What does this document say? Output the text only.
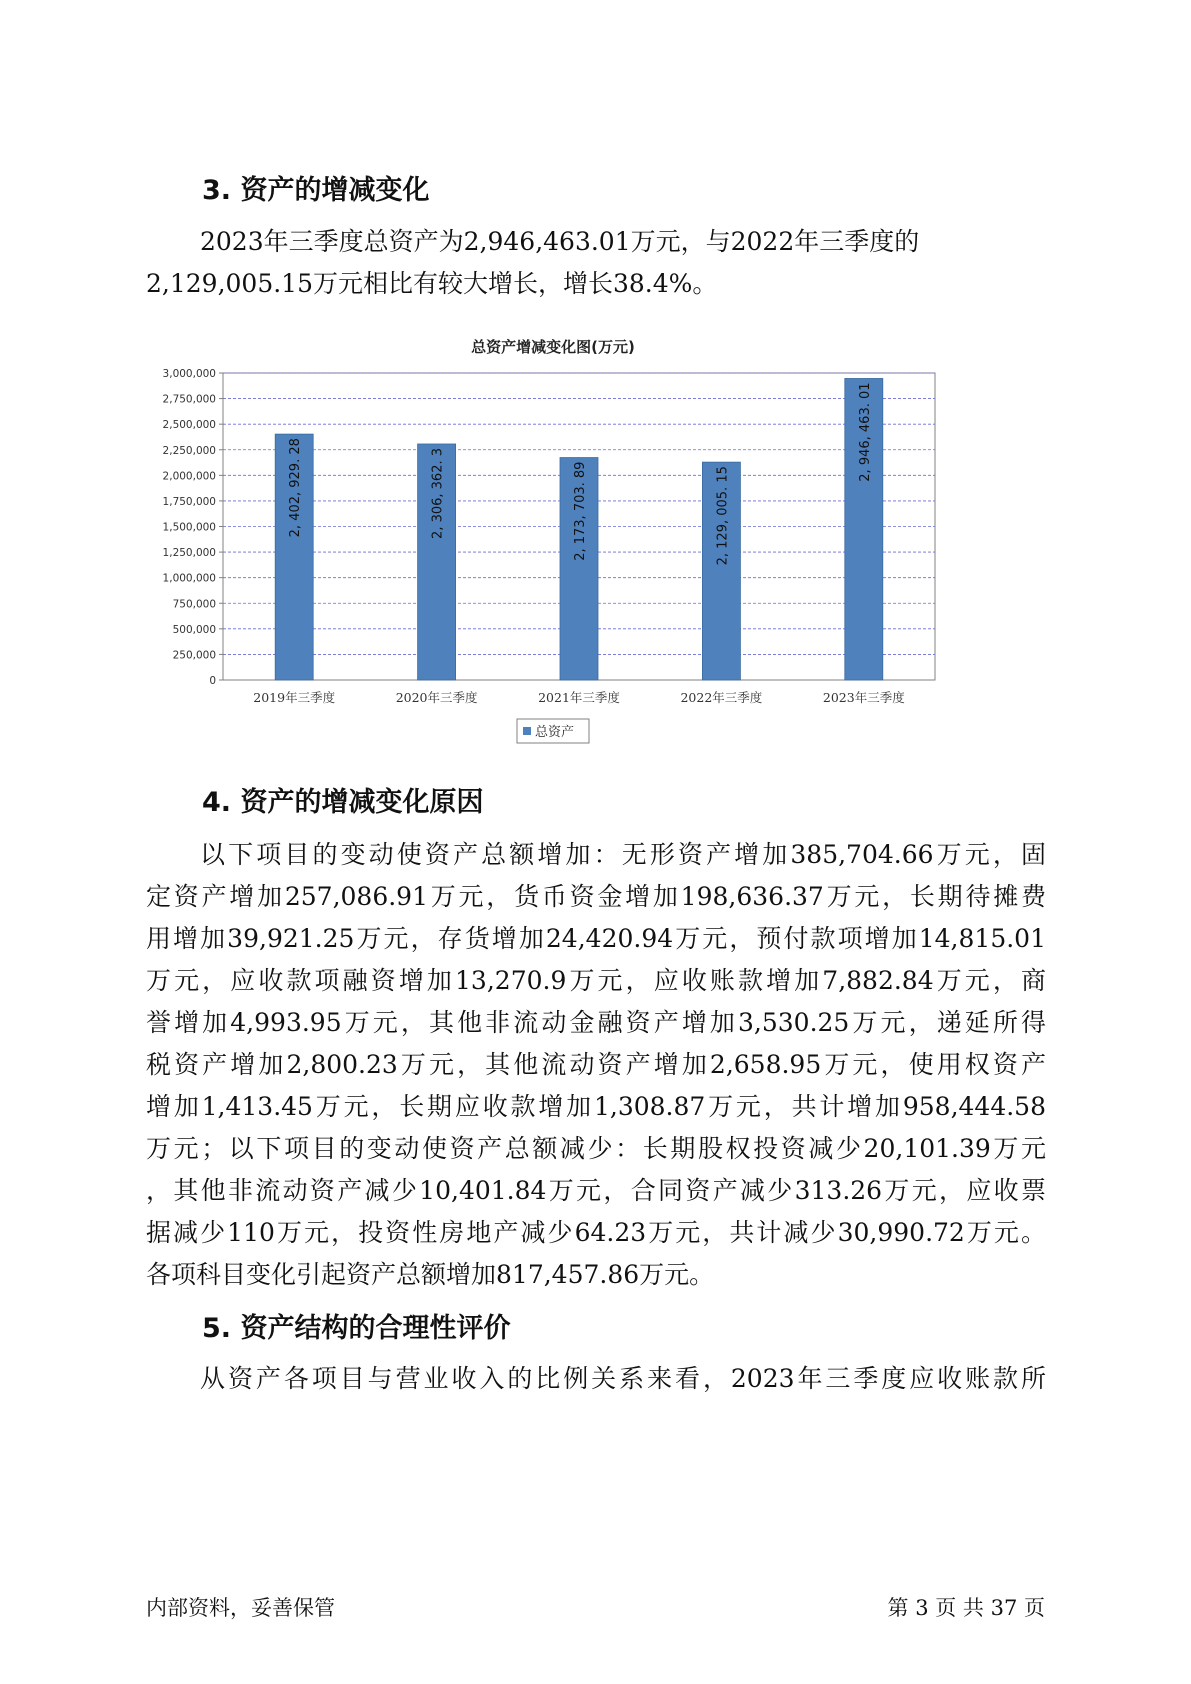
3. 资产的增减变化
2023年三季度总资产为2,946,463.01万元，与2022年三季度的
2,129,005.15万元相比有较大增长，增长38.4%。
总资产增减变化图(万元)
0
250,000
500,000
750,000
1,000,000
1,250,000
1,500,000
1,750,000
2,000,000
2,250,000
2,500,000
2,750,000
3,000,000
2, 402, 929. 28	2, 306, 362. 3	2, 173, 703. 89	2, 129, 005. 15
2, 946, 463. 01
2019年三季度	2020年三季度	2021年三季度	2022年三季度	2023年三季度
总资产
4. 资产的增减变化原因
以下项目的变动使资产总额增加：无形资产增加385,704.66万元，固
定资产增加257,086.91万元，货币资金增加198,636.37万元，长期待摊费
用增加39,921.25万元，存货增加24,420.94万元，预付款项增加14,815.01
万元，应收款项融资增加13,270.9万元，应收账款增加7,882.84万元，商
誉增加4,993.95万元，其他非流动金融资产增加3,530.25万元，递延所得
税资产增加2,800.23万元，其他流动资产增加2,658.95万元，使用权资产
增加1,413.45万元，长期应收款增加1,308.87万元，共计增加958,444.58
万元；以下项目的变动使资产总额减少：长期股权投资减少20,101.39万元
，其他非流动资产减少10,401.84万元，合同资产减少313.26万元，应收票
据减少110万元，投资性房地产减少64.23万元，共计减少30,990.72万元。
各项科目变化引起资产总额增加817,457.86万元。
5. 资产结构的合理性评价
从资产各项目与营业收入的比例关系来看，2023年三季度应收账款所
内部资料，妥善保管	第 3 页 共 37 页
